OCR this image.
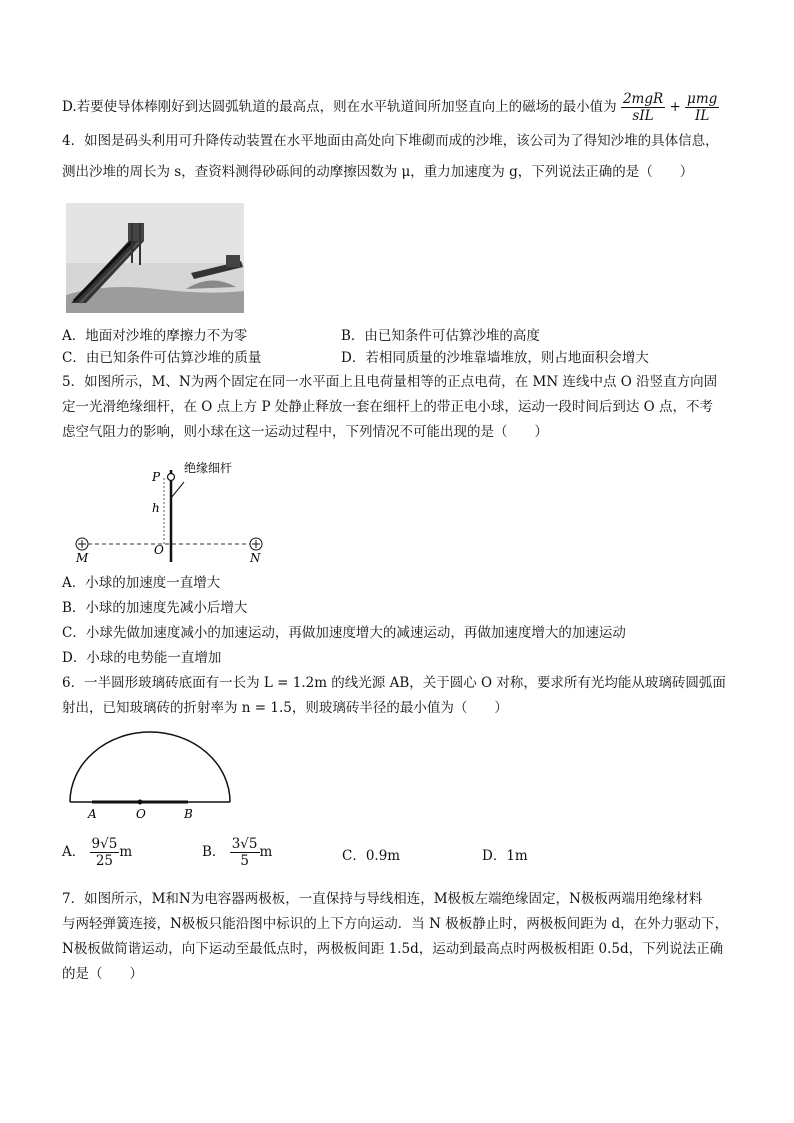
D.若要使导体棒刚好到达圆弧轨道的最高点，则在水平轨道间所加竖直向上的磁场的最小值为 $\frac{\text{2mgR}}{\text{sIL}} + \frac{\text{μmg}}{IL}$
4．如图是码头利用可升降传动装置在水平地面由高处向下堆砌而成的沙堆，该公司为了得知沙堆的具体信息，
测出沙堆的周长为 s，查资料测得砂砾间的动摩擦因数为 μ，重力加速度为 g，下列说法正确的是（　　）
A．地面对沙堆的摩擦力不为零	B．由已知条件可估算沙堆的高度
C．由已知条件可估算沙堆的质量	D．若相同质量的沙堆靠墙堆放，则占地面积会增大
5．如图所示，M、N为两个固定在同一水平面上且电荷量相等的正点电荷，在 MN 连线中点 O 沿竖直方向固
定一光滑绝缘细杆，在 O 点上方 P 处静止释放一套在细杆上的带正电小球，运动一段时间后到达 O 点，不考
虑空气阻力的影响，则小球在这一运动过程中，下列情况不可能出现的是（　　）
绝缘细杆
P
h
M
O
N
A．小球的加速度一直增大
B．小球的加速度先减小后增大
C．小球先做加速度减小的加速运动，再做加速度增大的减速运动，再做加速度增大的加速运动
D．小球的电势能一直增加
6．一半圆形玻璃砖底面有一长为 L = 1.2m 的线光源 AB，关于圆心 O 对称，要求所有光均能从玻璃砖圆弧面
射出，已知玻璃砖的折射率为 n = 1.5，则玻璃砖半径的最小值为（　　）
A	O	B
A． $\frac{9√5}{25}$ m	B． $\frac{3√5}{5}$ m	C．0.9m	D．1m
7．如图所示，M和N为电容器两极板，一直保持与导线相连，M极板左端绝缘固定，N极板两端用绝缘材料
与两轻弹簧连接，N极板只能沿图中标识的上下方向运动．当 N 极板静止时，两极板间距为 d，在外力驱动下，
N极板做简谐运动，向下运动至最低点时，两极板间距 1.5d，运动到最高点时两极板相距 0.5d，下列说法正确
的是（　　）
